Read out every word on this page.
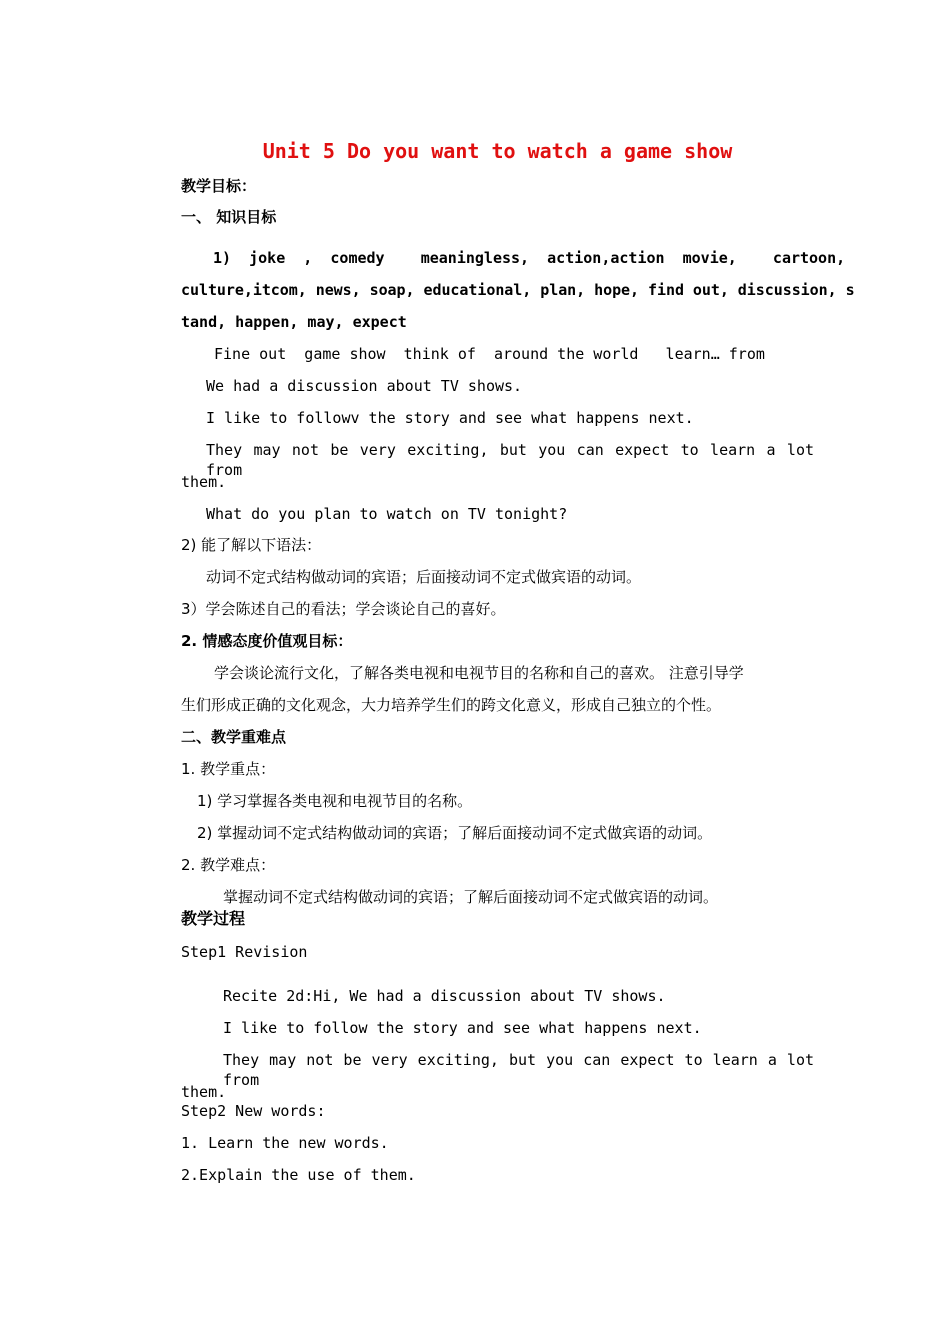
Unit 5 Do you want to watch a game show
教学目标：
一、 知识目标
1)  joke  ,  comedy    meaningless,  action,action  movie,    cartoon,
culture,itcom, news, soap, educational, plan, hope, find out, discussion, s
tand, happen, may, expect
Fine out  game show  think of  around the world   learn… from
We had a discussion about TV shows.
I like to followv the story and see what happens next.
They may not be very exciting, but you can expect to learn a lot from
them.
What do you plan to watch on TV tonight?
2) 能了解以下语法：
动词不定式结构做动词的宾语；后面接动词不定式做宾语的动词。
3）学会陈述自己的看法；学会谈论自己的喜好。
2. 情感态度价值观目标：
学会谈论流行文化，了解各类电视和电视节目的名称和自己的喜欢。 注意引导学
生们形成正确的文化观念，大力培养学生们的跨文化意义，形成自己独立的个性。
二、教学重难点
1. 教学重点：
1) 学习掌握各类电视和电视节目的名称。
2) 掌握动词不定式结构做动词的宾语；了解后面接动词不定式做宾语的动词。
2. 教学难点：
掌握动词不定式结构做动词的宾语；了解后面接动词不定式做宾语的动词。
教学过程
Step1 Revision
Recite 2d:Hi, We had a discussion about TV shows.
I like to follow the story and see what happens next.
They may not be very exciting, but you can expect to learn a lot from
them.
Step2 New words:
1. Learn the new words.
2.Explain the use of them.
